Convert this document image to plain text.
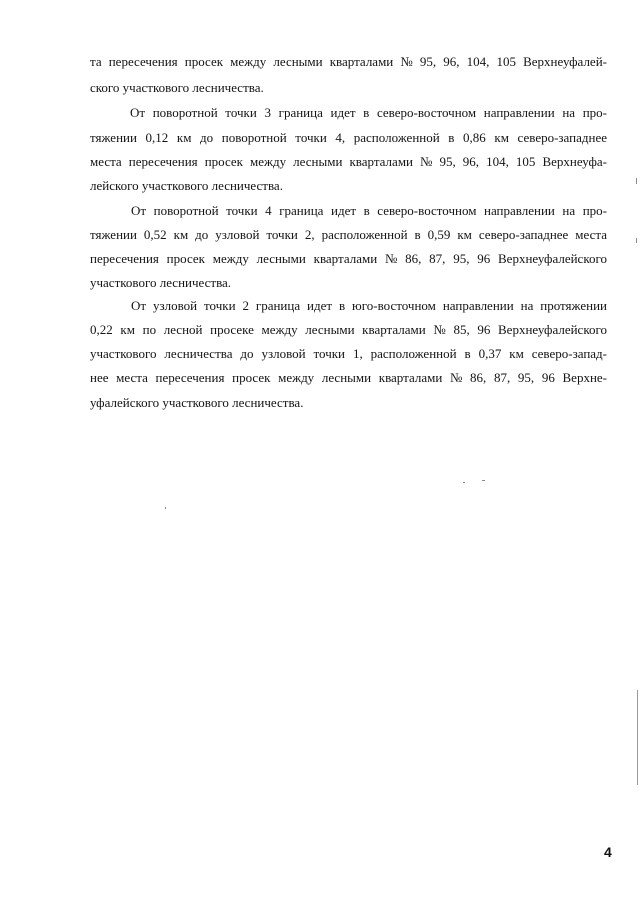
та пересечения просек между лесными кварталами № 95, 96, 104, 105 Верхнеуфалей-
ского участкового лесничества.
От поворотной точки 3 граница идет в северо-восточном направлении на про-
тяжении 0,12 км до поворотной точки 4, расположенной в 0,86 км северо-западнее
места пересечения просек между лесными кварталами № 95, 96, 104, 105 Верхнеуфа-
лейского участкового лесничества.
От поворотной точки 4 граница идет в северо-восточном направлении на про-
тяжении 0,52 км до узловой точки 2, расположенной в 0,59 км северо-западнее места
пересечения просек между лесными кварталами № 86, 87, 95, 96 Верхнеуфалейского
участкового лесничества.
От узловой точки 2 граница идет в юго-восточном направлении на протяжении
0,22 км по лесной просеке между лесными кварталами № 85, 96 Верхнеуфалейского
участкового лесничества до узловой точки 1, расположенной в 0,37 км северо-запад-
нее места пересечения просек между лесными кварталами № 86, 87, 95, 96 Верхне-
уфалейского участкового лесничества.
4
